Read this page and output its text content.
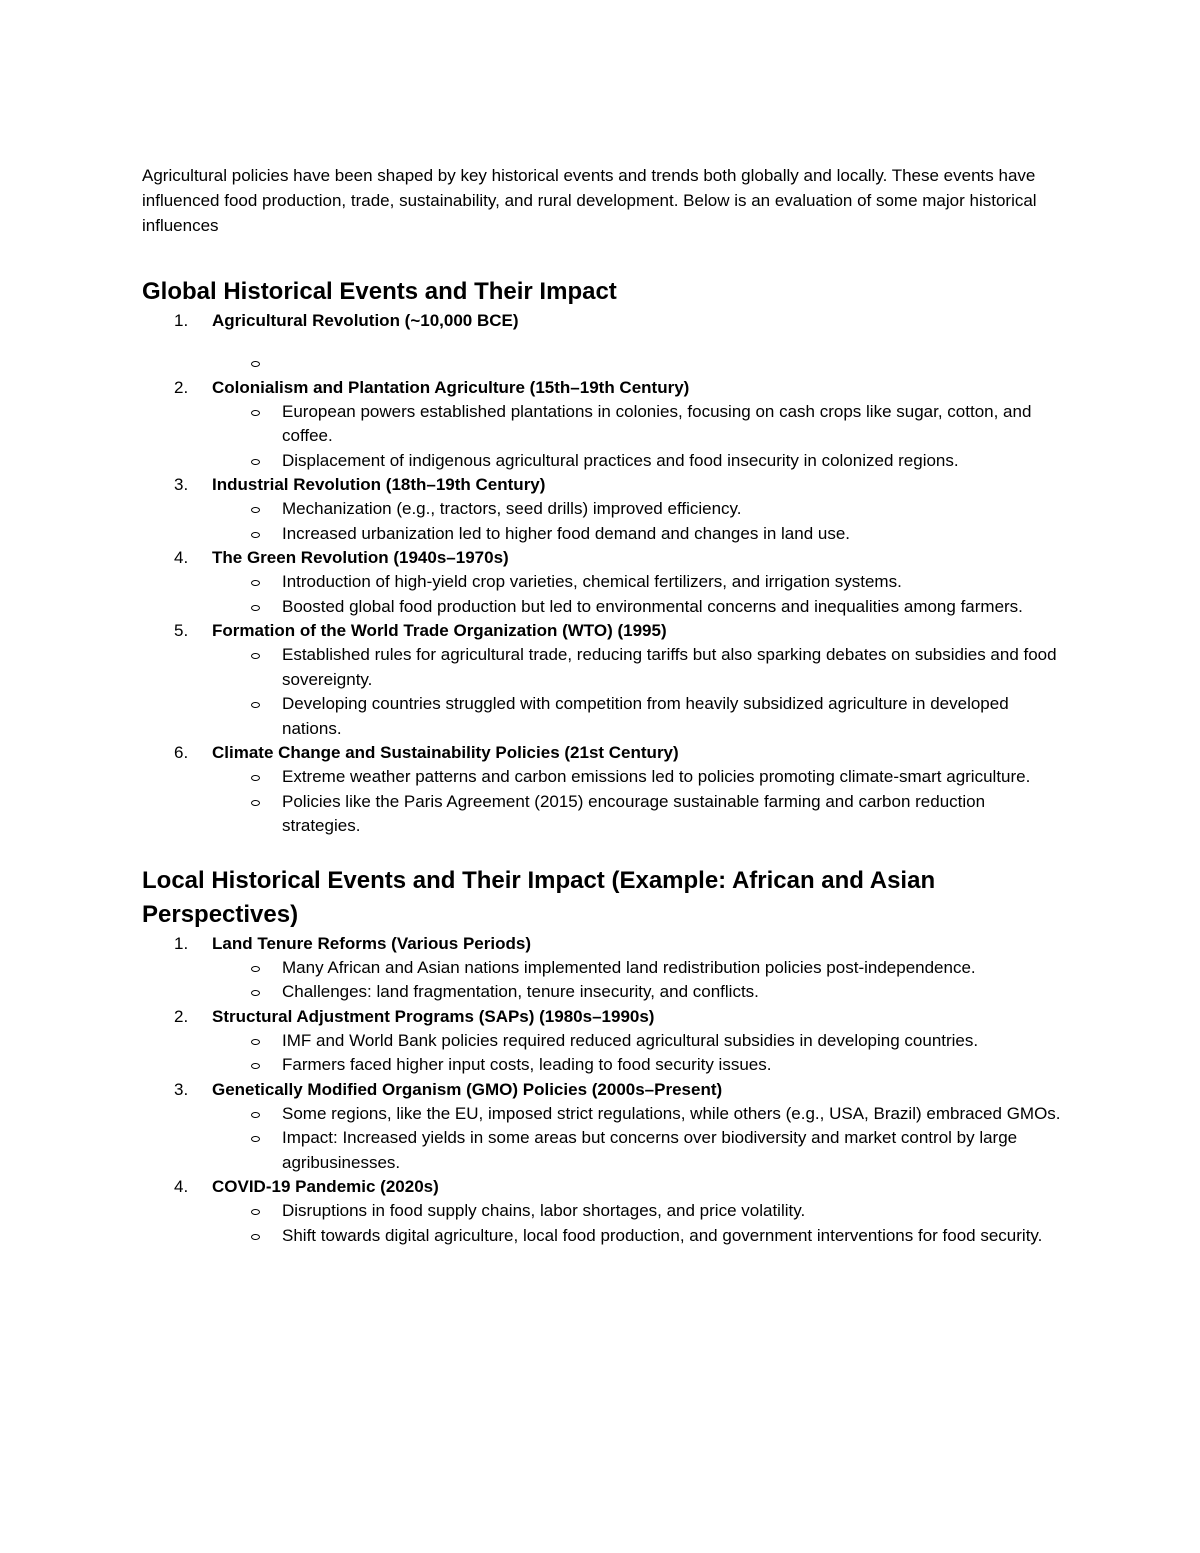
Agricultural policies have been shaped by key historical events and trends both globally and locally. These events have influenced food production, trade, sustainability, and rural development. Below is an evaluation of some major historical influences

Global Historical Events and Their Impact
1. Agricultural Revolution (~10,000 BCE)
2. Colonialism and Plantation Agriculture (15th–19th Century)
European powers established plantations in colonies, focusing on cash crops like sugar, cotton, and coffee.
Displacement of indigenous agricultural practices and food insecurity in colonized regions.
3. Industrial Revolution (18th–19th Century)
Mechanization (e.g., tractors, seed drills) improved efficiency.
Increased urbanization led to higher food demand and changes in land use.
4. The Green Revolution (1940s–1970s)
Introduction of high-yield crop varieties, chemical fertilizers, and irrigation systems.
Boosted global food production but led to environmental concerns and inequalities among farmers.
5. Formation of the World Trade Organization (WTO) (1995)
Established rules for agricultural trade, reducing tariffs but also sparking debates on subsidies and food sovereignty.
Developing countries struggled with competition from heavily subsidized agriculture in developed nations.
6. Climate Change and Sustainability Policies (21st Century)
Extreme weather patterns and carbon emissions led to policies promoting climate-smart agriculture.
Policies like the Paris Agreement (2015) encourage sustainable farming and carbon reduction strategies.
Local Historical Events and Their Impact (Example: African and Asian Perspectives)
1. Land Tenure Reforms (Various Periods)
Many African and Asian nations implemented land redistribution policies post-independence.
Challenges: land fragmentation, tenure insecurity, and conflicts.
2. Structural Adjustment Programs (SAPs) (1980s–1990s)
IMF and World Bank policies required reduced agricultural subsidies in developing countries.
Farmers faced higher input costs, leading to food security issues.
3. Genetically Modified Organism (GMO) Policies (2000s–Present)
Some regions, like the EU, imposed strict regulations, while others (e.g., USA, Brazil) embraced GMOs.
Impact: Increased yields in some areas but concerns over biodiversity and market control by large agribusinesses.
4. COVID-19 Pandemic (2020s)
Disruptions in food supply chains, labor shortages, and price volatility.
Shift towards digital agriculture, local food production, and government interventions for food security.
